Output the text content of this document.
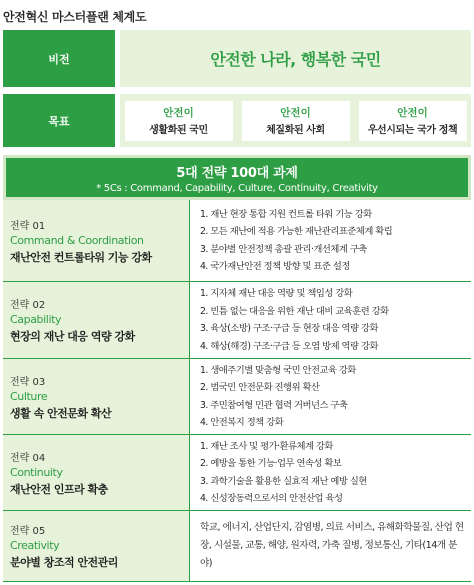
안전혁신 마스터플랜 체계도
비전	안전한 나라, 행복한 국민
목표
안전이
생활화된 국민
안전이
체질화된 사회
안전이
우선시되는 국가 정책
5대 전략 100대 과제
* 5Cs : Command, Capability, Culture, Continuity, Creativity
전략 01
Command & Coordination
재난안전 컨트롤타워 기능 강화
1. 재난 현장 통합 지원 컨트롤 타워 기능 강화
2. 모든 재난에 적용 가능한 재난관리표준체계 확립
3. 분야별 안전정책 총괄 관리·개선체계 구축
4. 국가재난안전 정책 방향 및 표준 설정
전략 02
Capability
현장의 재난 대응 역량 강화
1. 지자체 재난 대응 역량 및 책임성 강화
2. 빈틈 없는 대응을 위한 재난 대비 교육훈련 강화
3. 육상(소방) 구조·구급 등 현장 대응 역량 강화
4. 해상(해경) 구조·구급 등 오염 방제 역량 강화
전략 03
Culture
생활 속 안전문화 확산
1. 생애주기별 맞춤형 국민 안전교육 강화
2. 범국민 안전문화 진행위 확산
3. 주민참여형 민관 협력 거버넌스 구축
4. 안전복지 정책 강화
전략 04
Continuity
재난안전 인프라 확충
1. 재난 조사 및 평가·환류체계 강화
2. 예방을 통한 기능·업무 연속성 확보
3. 과학기술을 활용한 실효적 재난 예방 실현
4. 신성장동력으로서의 안전산업 육성
전략 05
Creativity
분야별 창조적 안전관리
학교, 에너지, 산업단지, 감염병, 의료 서비스, 유해화학물질, 산업 현장, 시설물, 교통, 해양, 원자력, 가축 질병, 정보통신, 기타(14개 분야)
